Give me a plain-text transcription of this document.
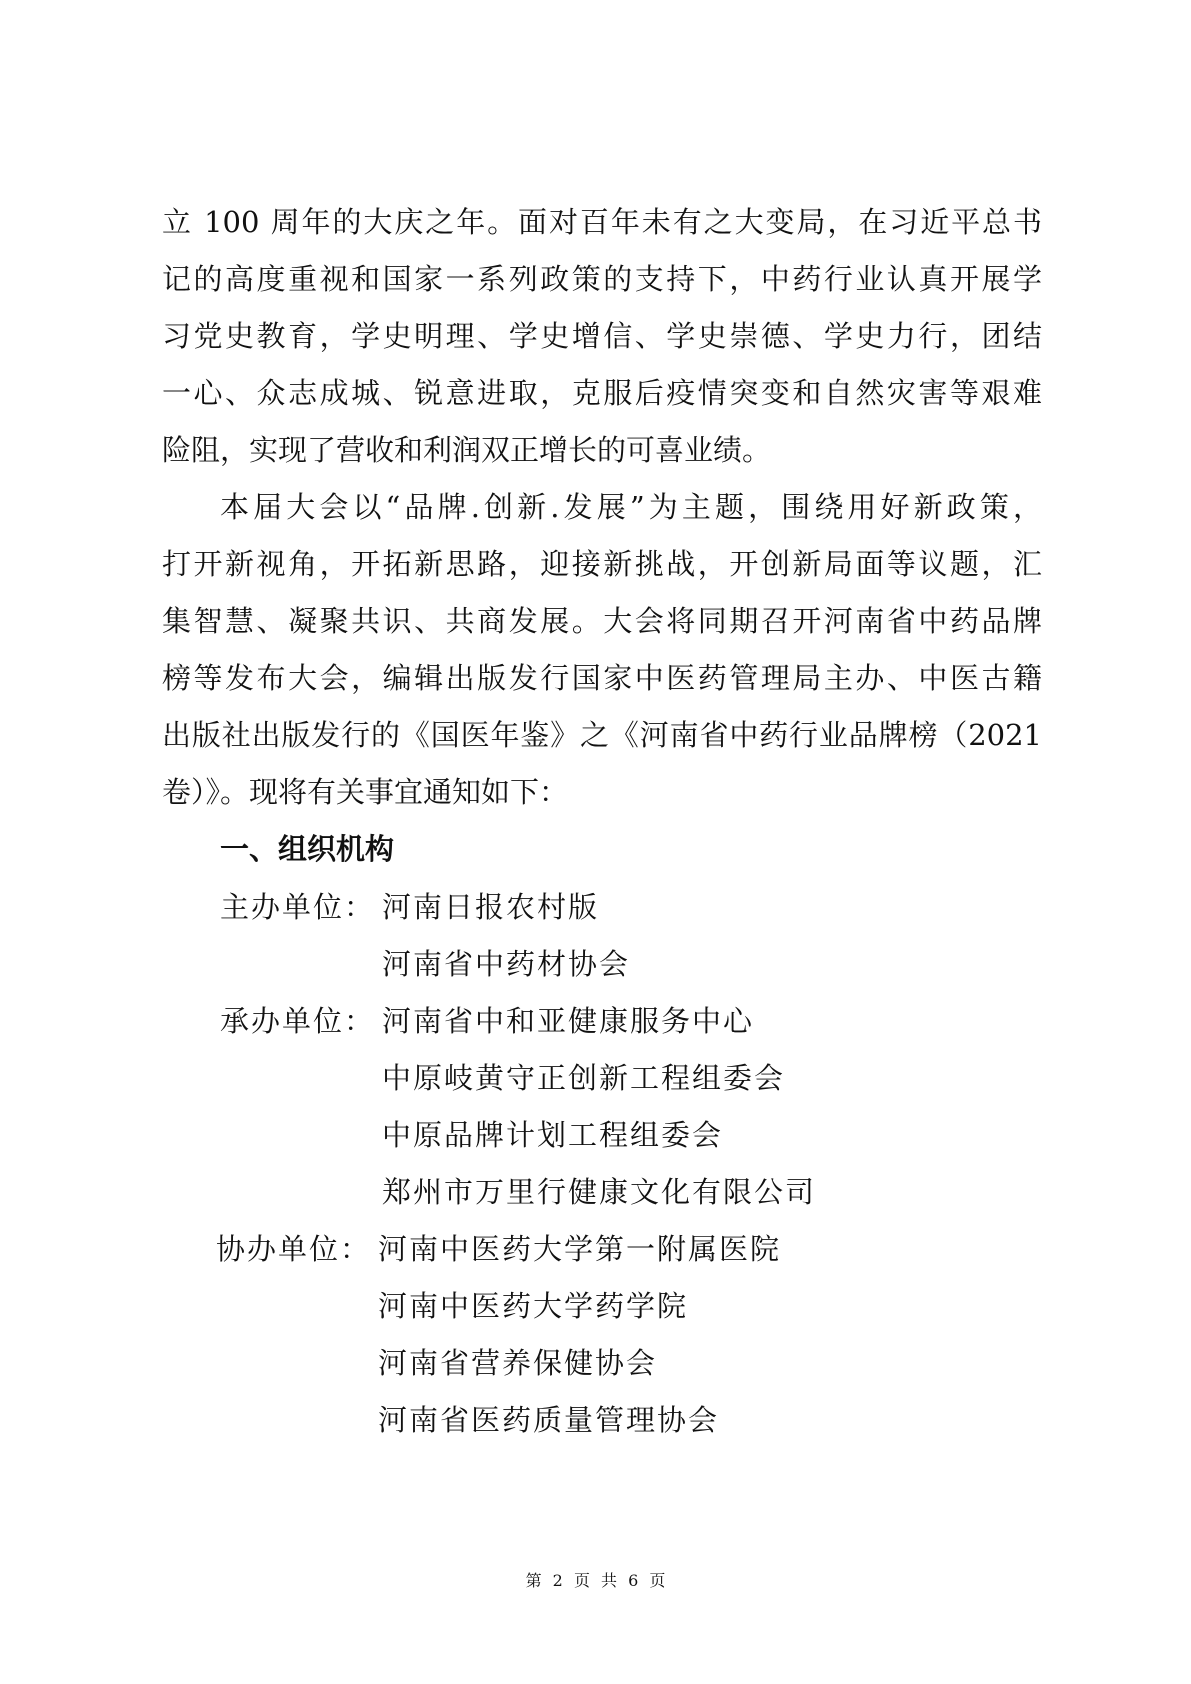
立 100 周年的大庆之年。面对百年未有之大变局，在习近平总书
记的高度重视和国家一系列政策的支持下，中药行业认真开展学
习党史教育，学史明理、学史增信、学史崇德、学史力行，团结
一心、众志成城、锐意进取，克服后疫情突变和自然灾害等艰难
险阻，实现了营收和利润双正增长的可喜业绩。
本届大会以“品牌.创新.发展”为主题，围绕用好新政策，
打开新视角，开拓新思路，迎接新挑战，开创新局面等议题，汇
集智慧、凝聚共识、共商发展。大会将同期召开河南省中药品牌
榜等发布大会，编辑出版发行国家中医药管理局主办、中医古籍
出版社出版发行的《国医年鉴》之《河南省中药行业品牌榜（2021
卷）》。现将有关事宜通知如下：
一、组织机构
主办单位： 河南日报农村版
河南省中药材协会
承办单位： 河南省中和亚健康服务中心
中原岐黄守正创新工程组委会
中原品牌计划工程组委会
郑州市万里行健康文化有限公司
协办单位： 河南中医药大学第一附属医院
河南中医药大学药学院
河南省营养保健协会
河南省医药质量管理协会
第 2 页 共 6 页
